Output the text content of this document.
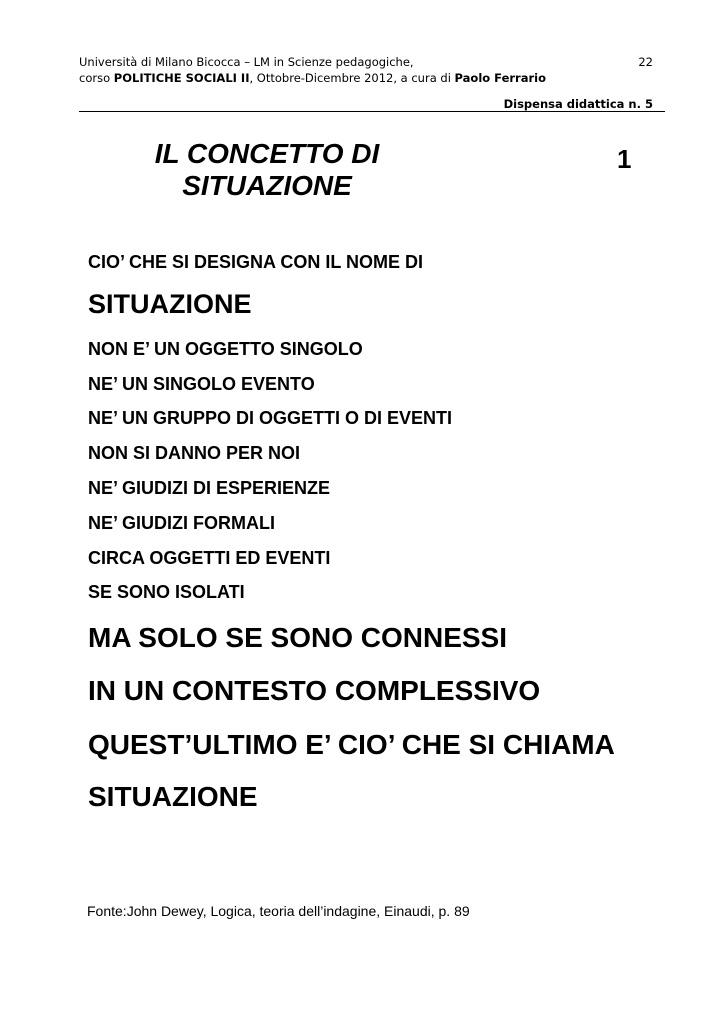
Università di Milano Bicocca – LM in Scienze pedagogiche,
corso POLITICHE SOCIALI II, Ottobre-Dicembre 2012, a cura di Paolo Ferrario
22
Dispensa didattica n. 5
IL CONCETTO DI
SITUAZIONE
1
CIO’ CHE SI DESIGNA CON IL NOME DI
SITUAZIONE
NON E’ UN OGGETTO SINGOLO
NE’ UN SINGOLO EVENTO
NE’ UN GRUPPO DI OGGETTI O DI EVENTI
NON SI DANNO PER NOI
NE’ GIUDIZI DI ESPERIENZE
NE’ GIUDIZI FORMALI
CIRCA OGGETTI ED EVENTI
SE SONO ISOLATI
MA SOLO SE SONO CONNESSI
IN UN CONTESTO COMPLESSIVO
QUEST’ULTIMO E’ CIO’ CHE SI CHIAMA
SITUAZIONE
Fonte:John Dewey, Logica, teoria dell’indagine, Einaudi, p. 89
